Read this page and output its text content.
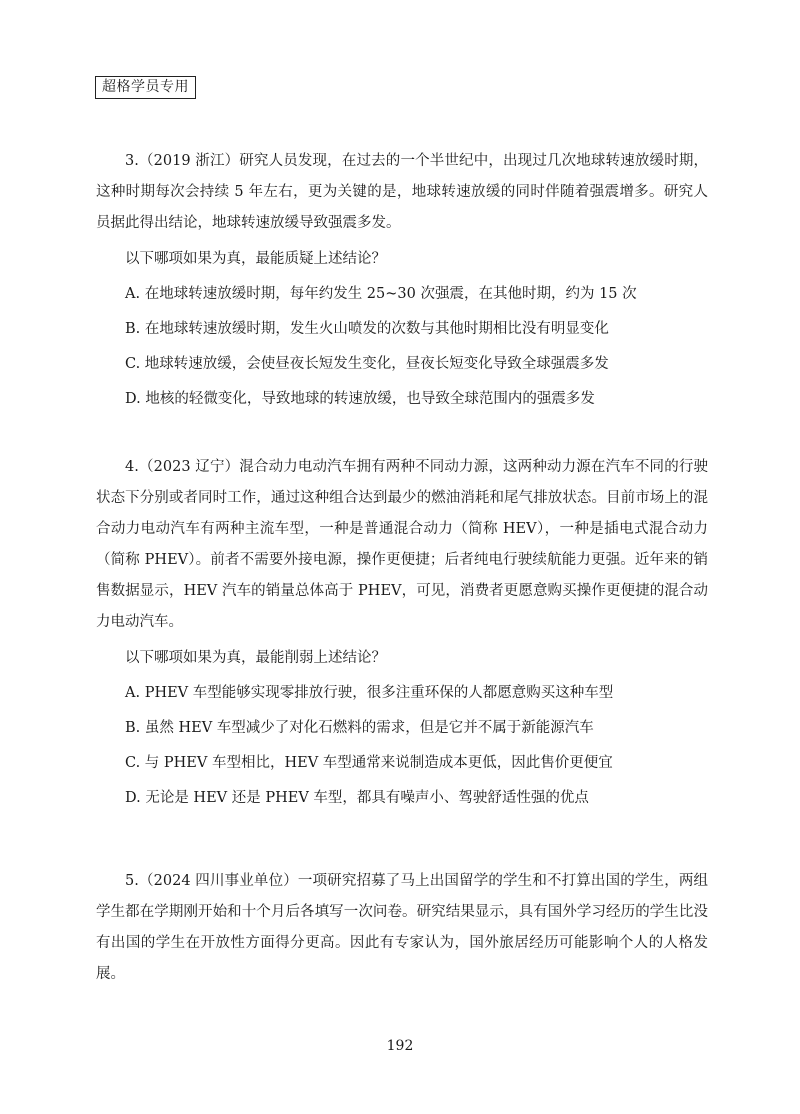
超格学员专用

3.（2019 浙江）研究人员发现，在过去的一个半世纪中，出现过几次地球转速放缓时期，这种时期每次会持续 5 年左右，更为关键的是，地球转速放缓的同时伴随着强震增多。研究人员据此得出结论，地球转速放缓导致强震多发。

以下哪项如果为真，最能质疑上述结论？

A. 在地球转速放缓时期，每年约发生 25~30 次强震，在其他时期，约为 15 次

B. 在地球转速放缓时期，发生火山喷发的次数与其他时期相比没有明显变化

C. 地球转速放缓，会使昼夜长短发生变化，昼夜长短变化导致全球强震多发

D. 地核的轻微变化，导致地球的转速放缓，也导致全球范围内的强震多发

4.（2023 辽宁）混合动力电动汽车拥有两种不同动力源，这两种动力源在汽车不同的行驶状态下分别或者同时工作，通过这种组合达到最少的燃油消耗和尾气排放状态。目前市场上的混合动力电动汽车有两种主流车型，一种是普通混合动力（简称 HEV），一种是插电式混合动力（简称 PHEV）。前者不需要外接电源，操作更便捷；后者纯电行驶续航能力更强。近年来的销售数据显示，HEV 汽车的销量总体高于 PHEV，可见，消费者更愿意购买操作更便捷的混合动力电动汽车。

以下哪项如果为真，最能削弱上述结论？

A. PHEV 车型能够实现零排放行驶，很多注重环保的人都愿意购买这种车型

B. 虽然 HEV 车型减少了对化石燃料的需求，但是它并不属于新能源汽车

C. 与 PHEV 车型相比，HEV 车型通常来说制造成本更低，因此售价更便宜

D. 无论是 HEV 还是 PHEV 车型，都具有噪声小、驾驶舒适性强的优点

5.（2024 四川事业单位）一项研究招募了马上出国留学的学生和不打算出国的学生，两组学生都在学期刚开始和十个月后各填写一次问卷。研究结果显示，具有国外学习经历的学生比没有出国的学生在开放性方面得分更高。因此有专家认为，国外旅居经历可能影响个人的人格发展。

192
